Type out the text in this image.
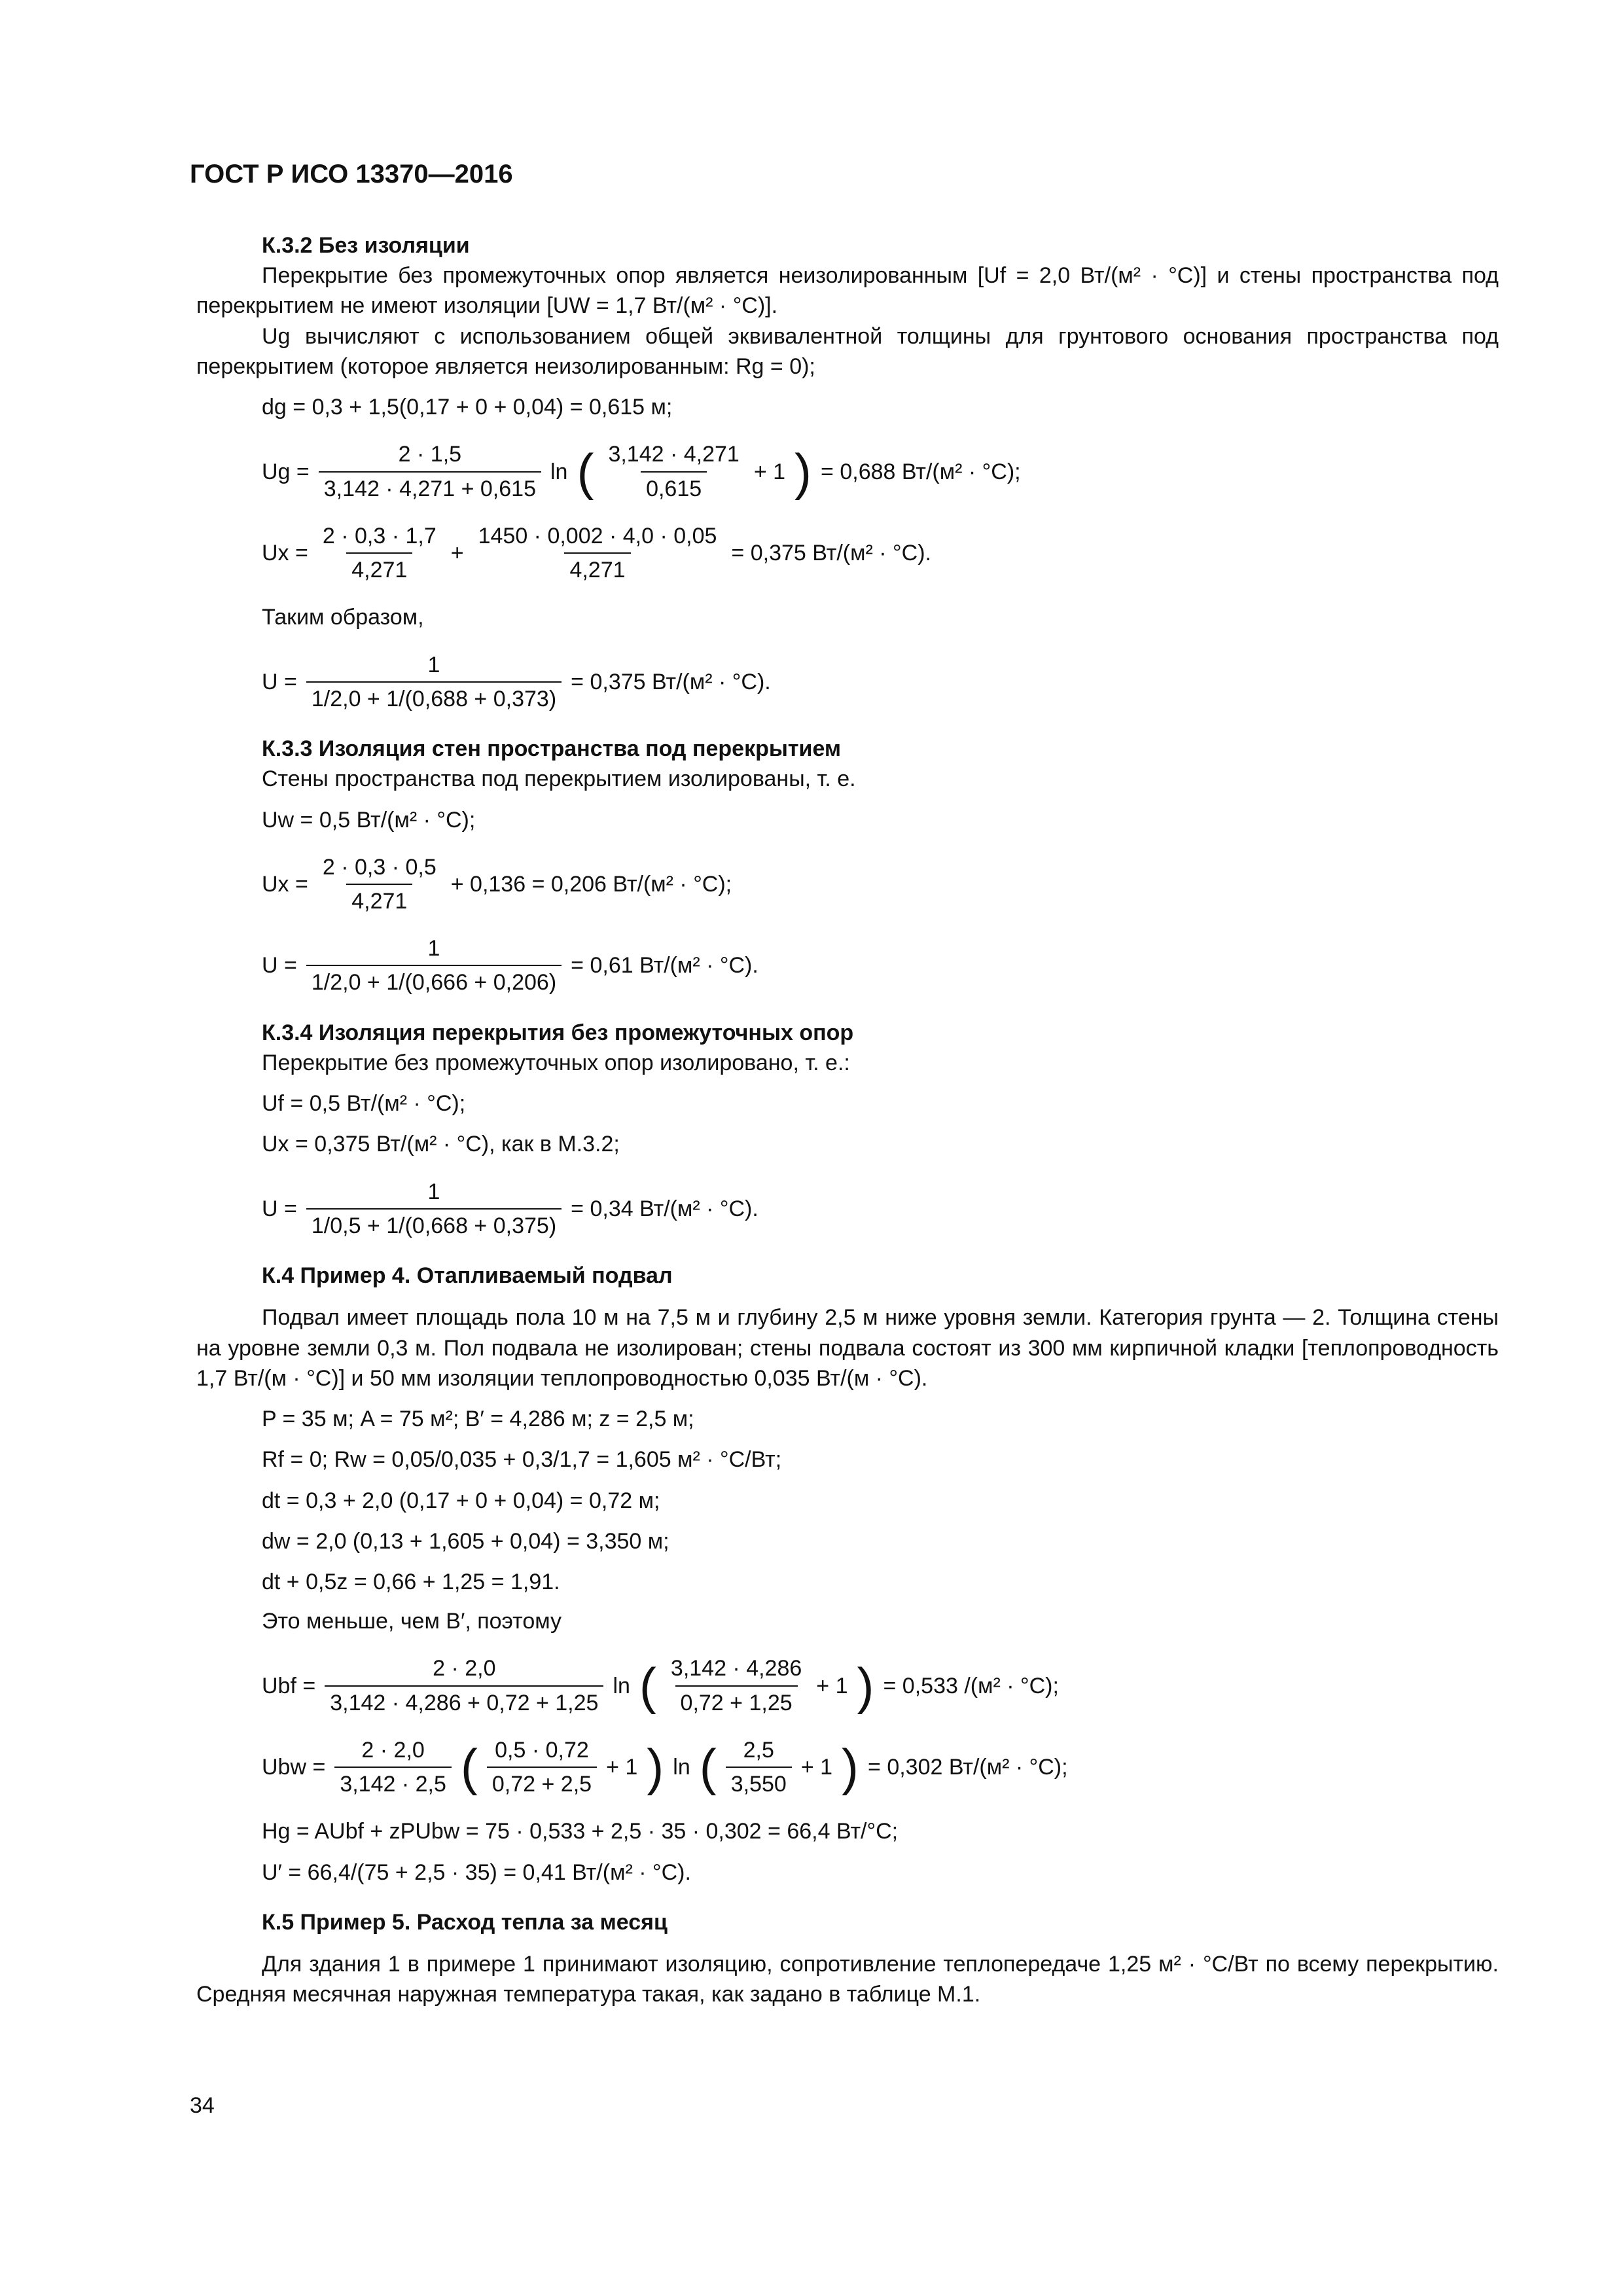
ГОСТ Р ИСО 13370—2016
К.3.2 Без изоляции
Перекрытие без промежуточных опор является неизолированным [Uf = 2,0 Вт/(м² · °С)] и стены пространства под перекрытием не имеют изоляции [UW = 1,7 Вт/(м² · °С)].
Ug вычисляют с использованием общей эквивалентной толщины для грунтового основания пространства под перекрытием (которое является неизолированным: Rg = 0);
dg = 0,3 + 1,5(0,17 + 0 + 0,04) = 0,615 м;
$Ug = \frac{2 \cdot 1,5}{3,142 \cdot 4,271 + 0,615}$ ln ( $\frac{3,142 \cdot 4,271}{0,615} + 1$ ) = 0,688 Вт/(м² · °С);
$Ux = \frac{2 \cdot 0,3 \cdot 1,7}{4,271} + \frac{1450 \cdot 0,002 \cdot 4,0 \cdot 0,05}{4,271} = 0,375$ Вт/(м² · °С).
Таким образом,
$U = \frac{1}{1/2,0 + 1/(0,688 + 0,373)} = 0,375$ Вт/(м² · °С).
К.3.3 Изоляция стен пространства под перекрытием
Стены пространства под перекрытием изолированы, т. е.
Uw = 0,5 Вт/(м² · °С);
$Ux = \frac{2 \cdot 0,3 \cdot 0,5}{4,271} + 0,136 = 0,206$ Вт/(м² · °С);
$U = \frac{1}{1/2,0 + 1/(0,666 + 0,206)} = 0,61$ Вт/(м² · °С).
К.3.4 Изоляция перекрытия без промежуточных опор
Перекрытие без промежуточных опор изолировано, т. е.:
Uf = 0,5 Вт/(м² · °С);
Ux = 0,375 Вт/(м² · °С), как в М.3.2;
$U = \frac{1}{1/0,5 + 1/(0,668 + 0,375)} = 0,34$ Вт/(м² · °С).
К.4 Пример 4. Отапливаемый подвал
Подвал имеет площадь пола 10 м на 7,5 м и глубину 2,5 м ниже уровня земли. Категория грунта — 2. Толщина стены на уровне земли 0,3 м. Пол подвала не изолирован; стены подвала состоят из 300 мм кирпичной кладки [теплопроводность 1,7 Вт/(м · °С)] и 50 мм изоляции теплопроводностью 0,035 Вт/(м · °С).
P = 35 м; A = 75 м²; B′ = 4,286 м; z = 2,5 м;
Rf = 0; Rw = 0,05/0,035 + 0,3/1,7 = 1,605 м² · °С/Вт;
dt = 0,3 + 2,0 (0,17 + 0 + 0,04) = 0,72 м;
dw = 2,0 (0,13 + 1,605 + 0,04) = 3,350 м;
dt + 0,5z = 0,66 + 1,25 = 1,91.
Это меньше, чем B′, поэтому
Ubf = $\frac{2 \cdot 2,0}{3,142 \cdot 4,286 + 0,72 + 1,25}$ ln ( $\frac{3,142 \cdot 4,286}{0,72 + 1,25} + 1$ ) = 0,533 /(м² · °С);
Ubw = $\frac{2 \cdot 2,0}{3,142 \cdot 2,5}$ ( $\frac{0,5 \cdot 0,72}{0,72 + 2,5} + 1$ ) ln ( $\frac{2,5}{3,550} + 1$ ) = 0,302 Вт/(м² · °С);
Hg = AUbf + zPUbw = 75 · 0,533 + 2,5 · 35 · 0,302 = 66,4 Вт/°С;
U′ = 66,4/(75 + 2,5 · 35) = 0,41 Вт/(м² · °С).
К.5 Пример 5. Расход тепла за месяц
Для здания 1 в примере 1 принимают изоляцию, сопротивление теплопередаче 1,25 м² · °С/Вт по всему перекрытию. Средняя месячная наружная температура такая, как задано в таблице М.1.
34
